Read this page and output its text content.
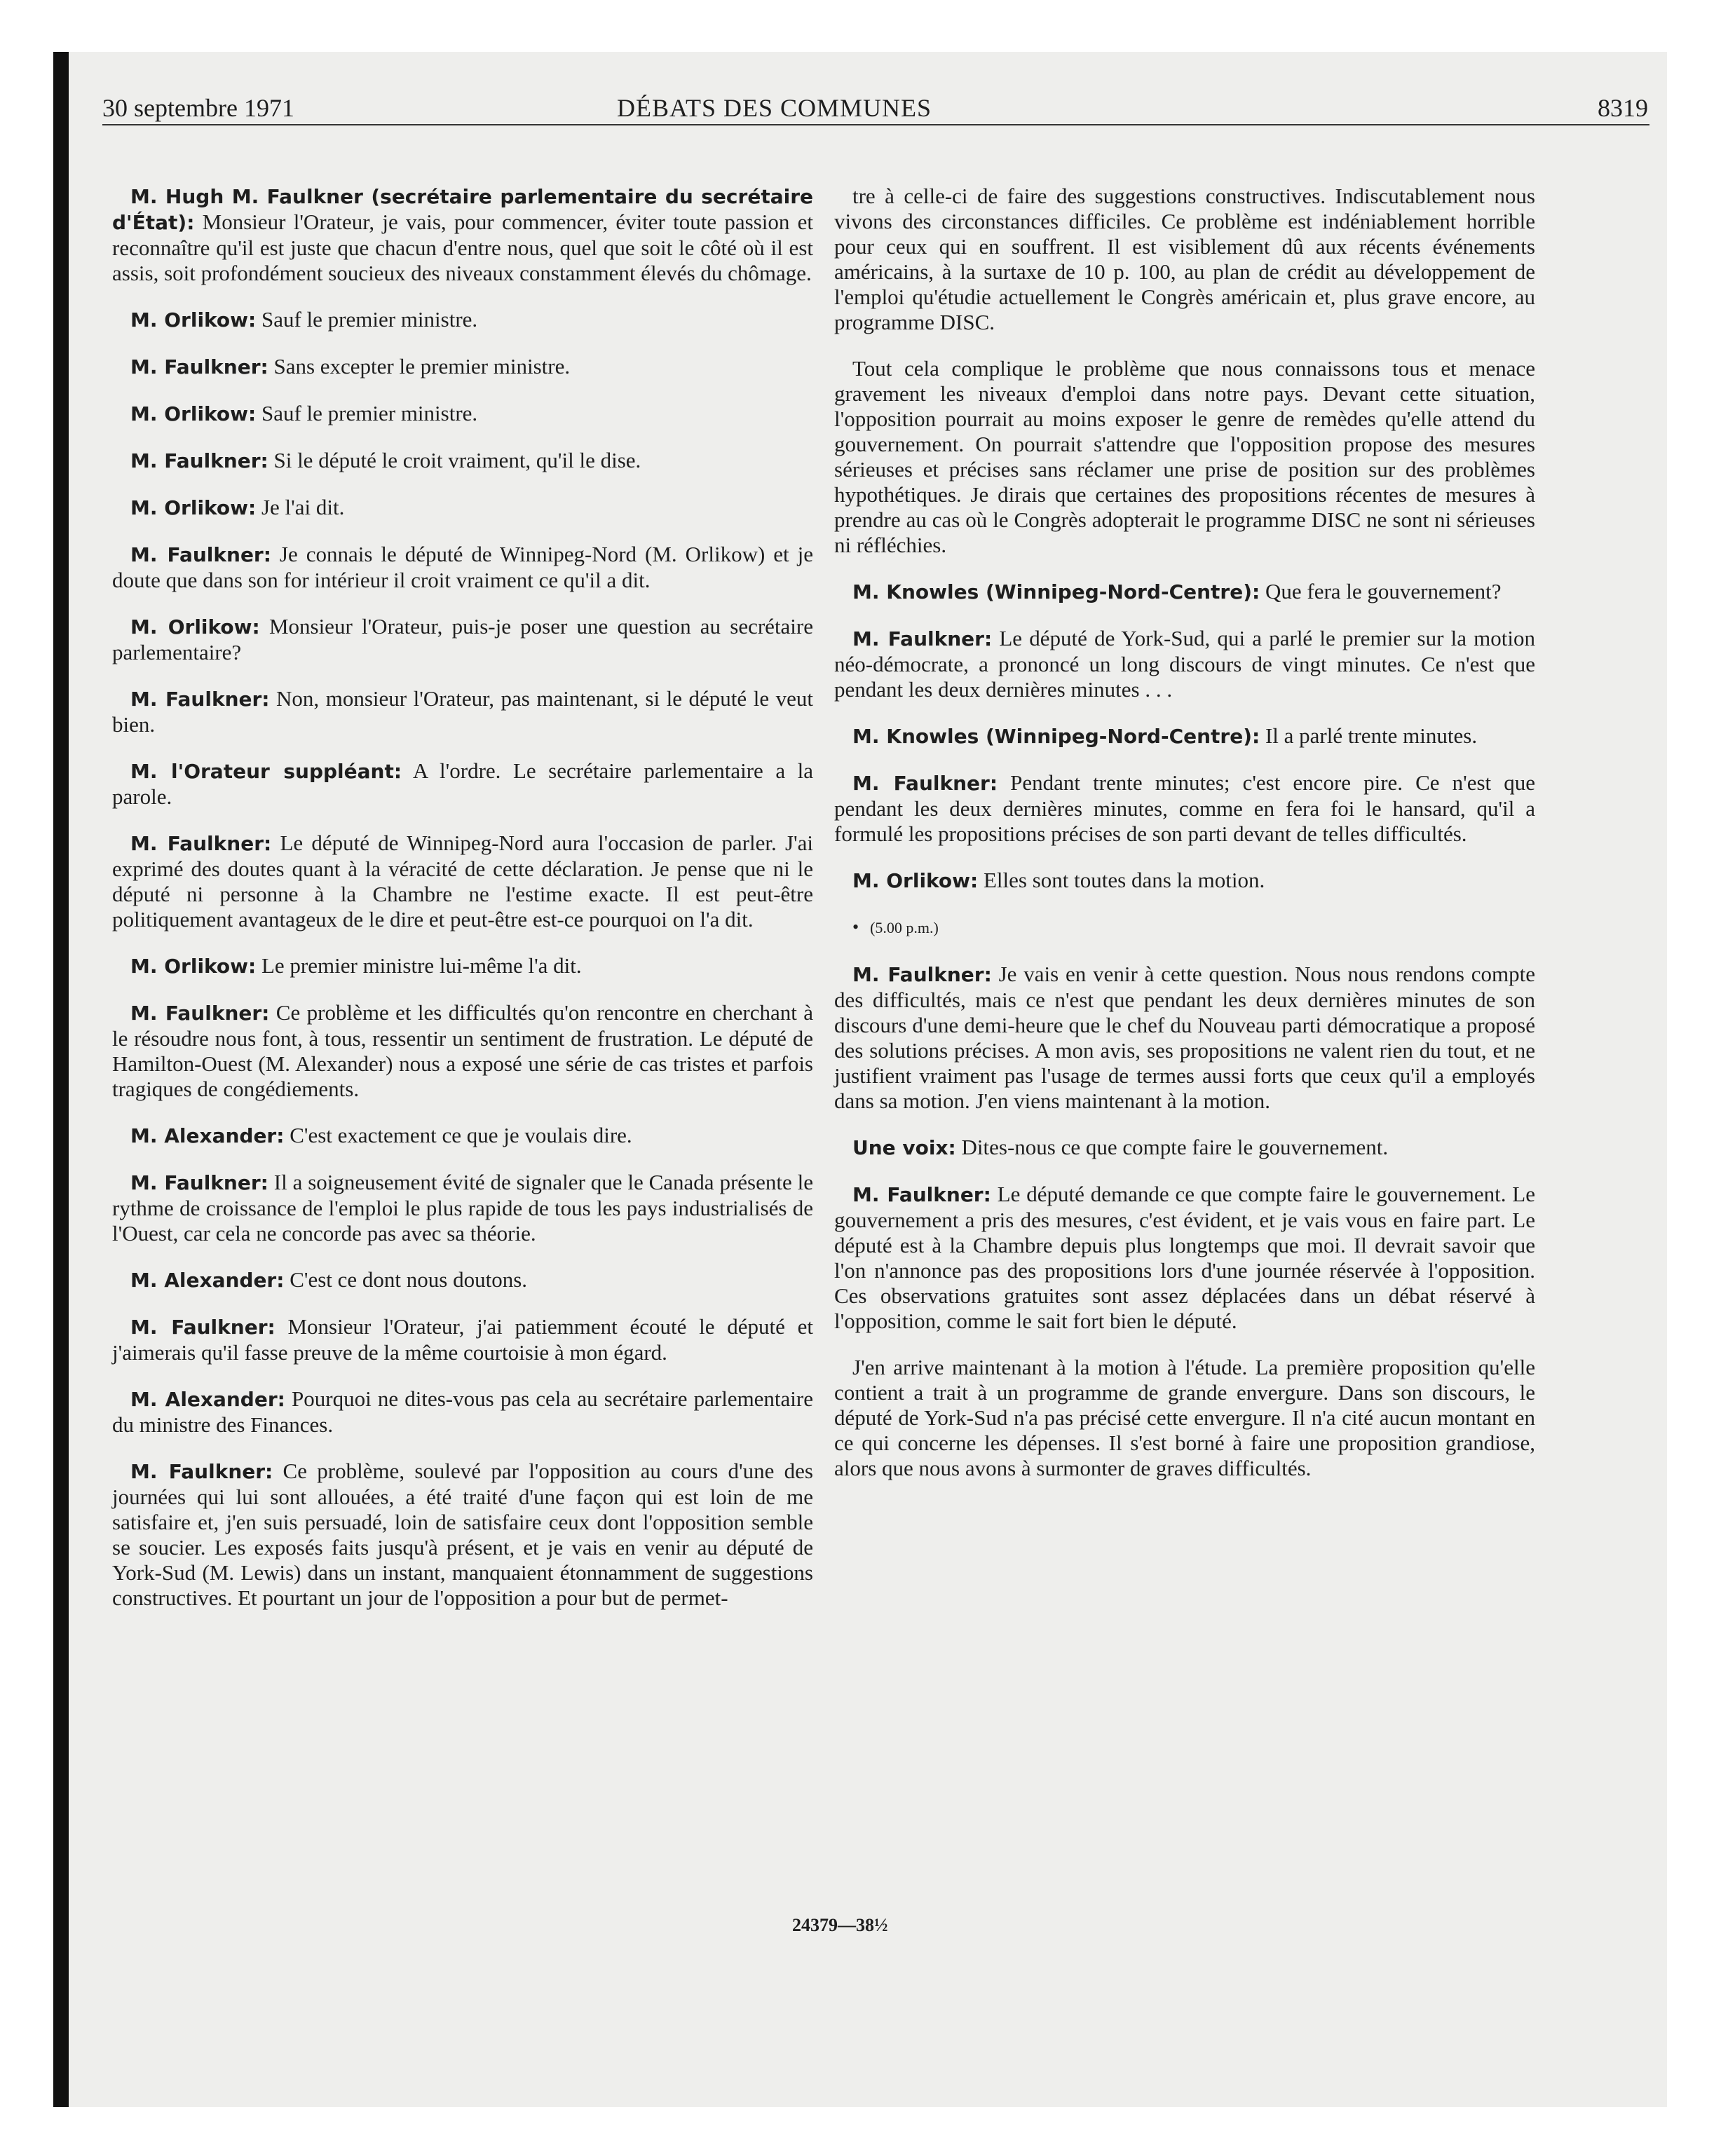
30 septembre 1971	DÉBATS DES COMMUNES	8319

M. Hugh M. Faulkner (secrétaire parlementaire du secrétaire d'État): Monsieur l'Orateur, je vais, pour commencer, éviter toute passion et reconnaître qu'il est juste que chacun d'entre nous, quel que soit le côté où il est assis, soit profondément soucieux des niveaux constamment élevés du chômage.

M. Orlikow: Sauf le premier ministre.

M. Faulkner: Sans excepter le premier ministre.

M. Orlikow: Sauf le premier ministre.

M. Faulkner: Si le député le croit vraiment, qu'il le dise.

M. Orlikow: Je l'ai dit.

M. Faulkner: Je connais le député de Winnipeg-Nord (M. Orlikow) et je doute que dans son for intérieur il croit vraiment ce qu'il a dit.

M. Orlikow: Monsieur l'Orateur, puis-je poser une question au secrétaire parlementaire?

M. Faulkner: Non, monsieur l'Orateur, pas maintenant, si le député le veut bien.

M. l'Orateur suppléant: A l'ordre. Le secrétaire parlementaire a la parole.

M. Faulkner: Le député de Winnipeg-Nord aura l'occasion de parler. J'ai exprimé des doutes quant à la véracité de cette déclaration. Je pense que ni le député ni personne à la Chambre ne l'estime exacte. Il est peut-être politiquement avantageux de le dire et peut-être est-ce pourquoi on l'a dit.

M. Orlikow: Le premier ministre lui-même l'a dit.

M. Faulkner: Ce problème et les difficultés qu'on rencontre en cherchant à le résoudre nous font, à tous, ressentir un sentiment de frustration. Le député de Hamilton-Ouest (M. Alexander) nous a exposé une série de cas tristes et parfois tragiques de congédiements.

M. Alexander: C'est exactement ce que je voulais dire.

M. Faulkner: Il a soigneusement évité de signaler que le Canada présente le rythme de croissance de l'emploi le plus rapide de tous les pays industrialisés de l'Ouest, car cela ne concorde pas avec sa théorie.

M. Alexander: C'est ce dont nous doutons.

M. Faulkner: Monsieur l'Orateur, j'ai patiemment écouté le député et j'aimerais qu'il fasse preuve de la même courtoisie à mon égard.

M. Alexander: Pourquoi ne dites-vous pas cela au secrétaire parlementaire du ministre des Finances.

M. Faulkner: Ce problème, soulevé par l'opposition au cours d'une des journées qui lui sont allouées, a été traité d'une façon qui est loin de me satisfaire et, j'en suis persuadé, loin de satisfaire ceux dont l'opposition semble se soucier. Les exposés faits jusqu'à présent, et je vais en venir au député de York-Sud (M. Lewis) dans un instant, manquaient étonnamment de suggestions constructives. Et pourtant un jour de l'opposition a pour but de permet-

tre à celle-ci de faire des suggestions constructives. Indiscutablement nous vivons des circonstances difficiles. Ce problème est indéniablement horrible pour ceux qui en souffrent. Il est visiblement dû aux récents événements américains, à la surtaxe de 10 p. 100, au plan de crédit au développement de l'emploi qu'étudie actuellement le Congrès américain et, plus grave encore, au programme DISC.

Tout cela complique le problème que nous connaissons tous et menace gravement les niveaux d'emploi dans notre pays. Devant cette situation, l'opposition pourrait au moins exposer le genre de remèdes qu'elle attend du gouvernement. On pourrait s'attendre que l'opposition propose des mesures sérieuses et précises sans réclamer une prise de position sur des problèmes hypothétiques. Je dirais que certaines des propositions récentes de mesures à prendre au cas où le Congrès adopterait le programme DISC ne sont ni sérieuses ni réfléchies.

M. Knowles (Winnipeg-Nord-Centre): Que fera le gouvernement?

M. Faulkner: Le député de York-Sud, qui a parlé le premier sur la motion néo-démocrate, a prononcé un long discours de vingt minutes. Ce n'est que pendant les deux dernières minutes . . .

M. Knowles (Winnipeg-Nord-Centre): Il a parlé trente minutes.

M. Faulkner: Pendant trente minutes; c'est encore pire. Ce n'est que pendant les deux dernières minutes, comme en fera foi le hansard, qu'il a formulé les propositions précises de son parti devant de telles difficultés.

M. Orlikow: Elles sont toutes dans la motion.

• (5.00 p.m.)

M. Faulkner: Je vais en venir à cette question. Nous nous rendons compte des difficultés, mais ce n'est que pendant les deux dernières minutes de son discours d'une demi-heure que le chef du Nouveau parti démocratique a proposé des solutions précises. A mon avis, ses propositions ne valent rien du tout, et ne justifient vraiment pas l'usage de termes aussi forts que ceux qu'il a employés dans sa motion. J'en viens maintenant à la motion.

Une voix: Dites-nous ce que compte faire le gouvernement.

M. Faulkner: Le député demande ce que compte faire le gouvernement. Le gouvernement a pris des mesures, c'est évident, et je vais vous en faire part. Le député est à la Chambre depuis plus longtemps que moi. Il devrait savoir que l'on n'annonce pas des propositions lors d'une journée réservée à l'opposition. Ces observations gratuites sont assez déplacées dans un débat réservé à l'opposition, comme le sait fort bien le député.

J'en arrive maintenant à la motion à l'étude. La première proposition qu'elle contient a trait à un programme de grande envergure. Dans son discours, le député de York-Sud n'a pas précisé cette envergure. Il n'a cité aucun montant en ce qui concerne les dépenses. Il s'est borné à faire une proposition grandiose, alors que nous avons à surmonter de graves difficultés.

24379—38½
